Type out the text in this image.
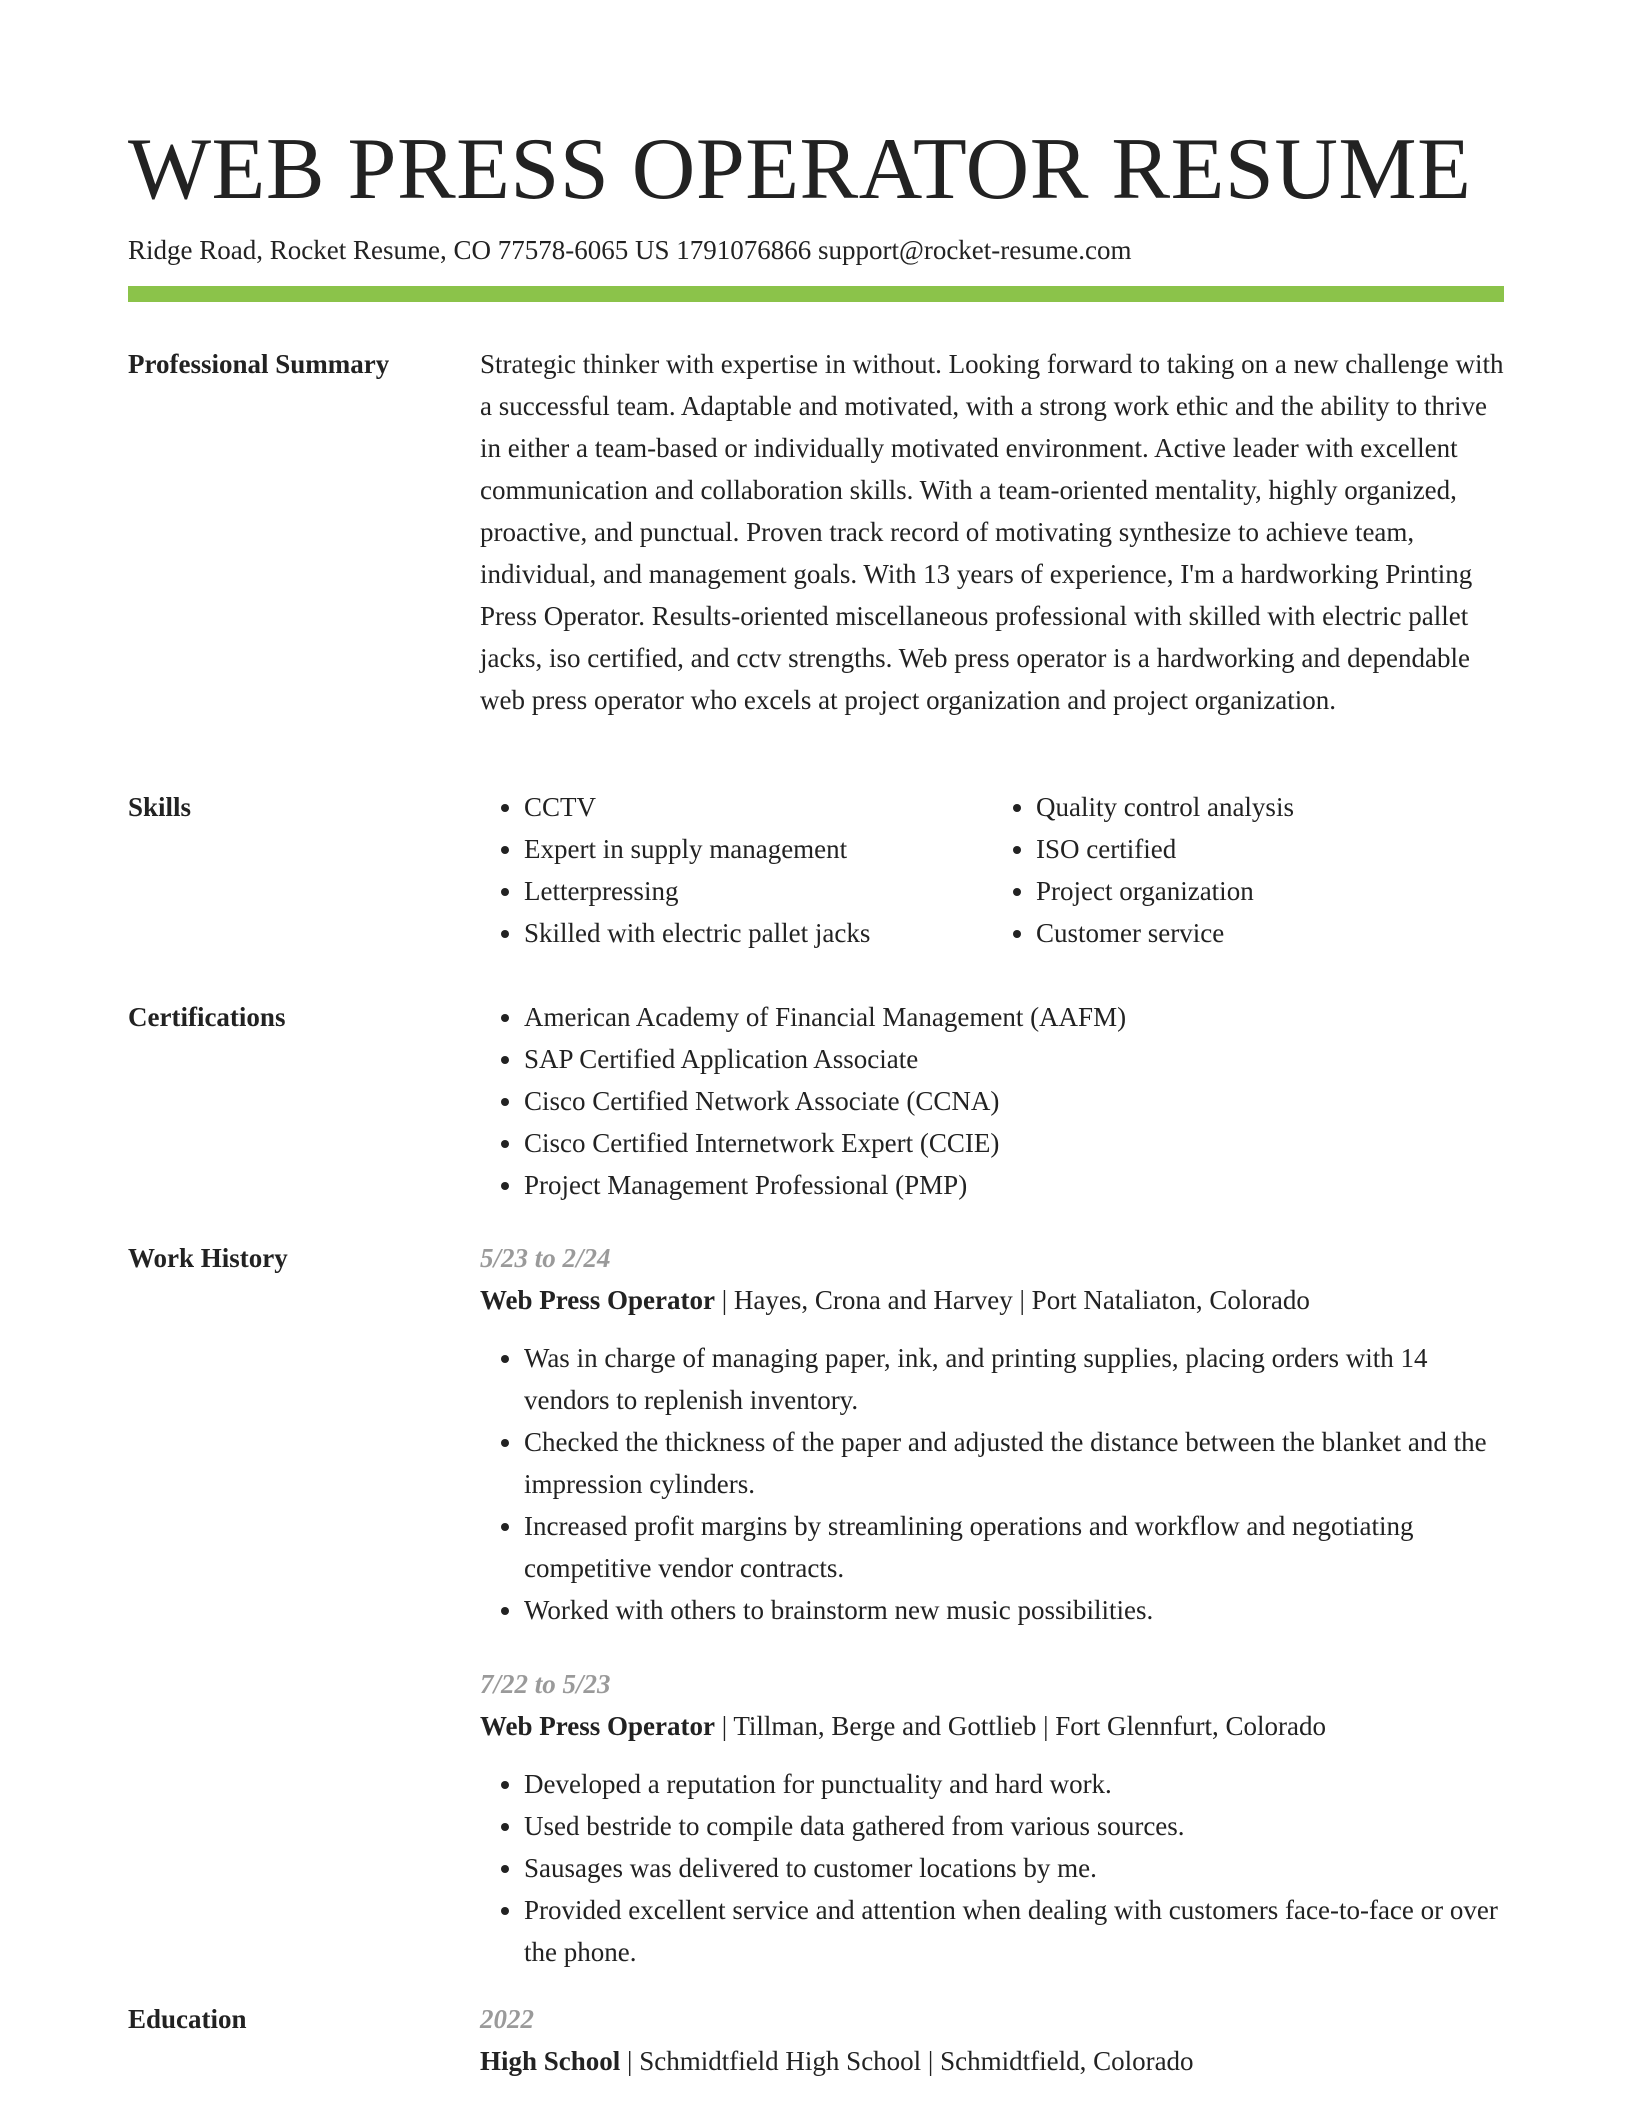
WEB PRESS OPERATOR RESUME

Ridge Road, Rocket Resume, CO 77578-6065 US 1791076866 support@rocket-resume.com

Professional Summary	Strategic thinker with expertise in without. Looking forward to taking on a new challenge with a successful team. Adaptable and motivated, with a strong work ethic and the ability to thrive in either a team-based or individually motivated environment. Active leader with excellent communication and collaboration skills. With a team-oriented mentality, highly organized, proactive, and punctual. Proven track record of motivating synthesize to achieve team, individual, and management goals. With 13 years of experience, I'm a hardworking Printing Press Operator. Results-oriented miscellaneous professional with skilled with electric pallet jacks, iso certified, and cctv strengths. Web press operator is a hardworking and dependable web press operator who excels at project organization and project organization.

Skills	• CCTV
• Expert in supply management
• Letterpressing
• Skilled with electric pallet jacks
• Quality control analysis
• ISO certified
• Project organization
• Customer service
Certifications	• American Academy of Financial Management (AAFM)
• SAP Certified Application Associate
• Cisco Certified Network Associate (CCNA)
• Cisco Certified Internetwork Expert (CCIE)
• Project Management Professional (PMP)
Work History	5/23 to 2/24

Web Press Operator | Hayes, Crona and Harvey | Port Nataliaton, Colorado

• Was in charge of managing paper, ink, and printing supplies, placing orders with 14 vendors to replenish inventory.
• Checked the thickness of the paper and adjusted the distance between the blanket and the impression cylinders.
• Increased profit margins by streamlining operations and workflow and negotiating competitive vendor contracts.
• Worked with others to brainstorm new music possibilities.

7/22 to 5/23

Web Press Operator | Tillman, Berge and Gottlieb | Fort Glennfurt, Colorado

• Developed a reputation for punctuality and hard work.
• Used bestride to compile data gathered from various sources.
• Sausages was delivered to customer locations by me.
• Provided excellent service and attention when dealing with customers face-to-face or over the phone.
Education	2022

High School | Schmidtfield High School | Schmidtfield, Colorado
